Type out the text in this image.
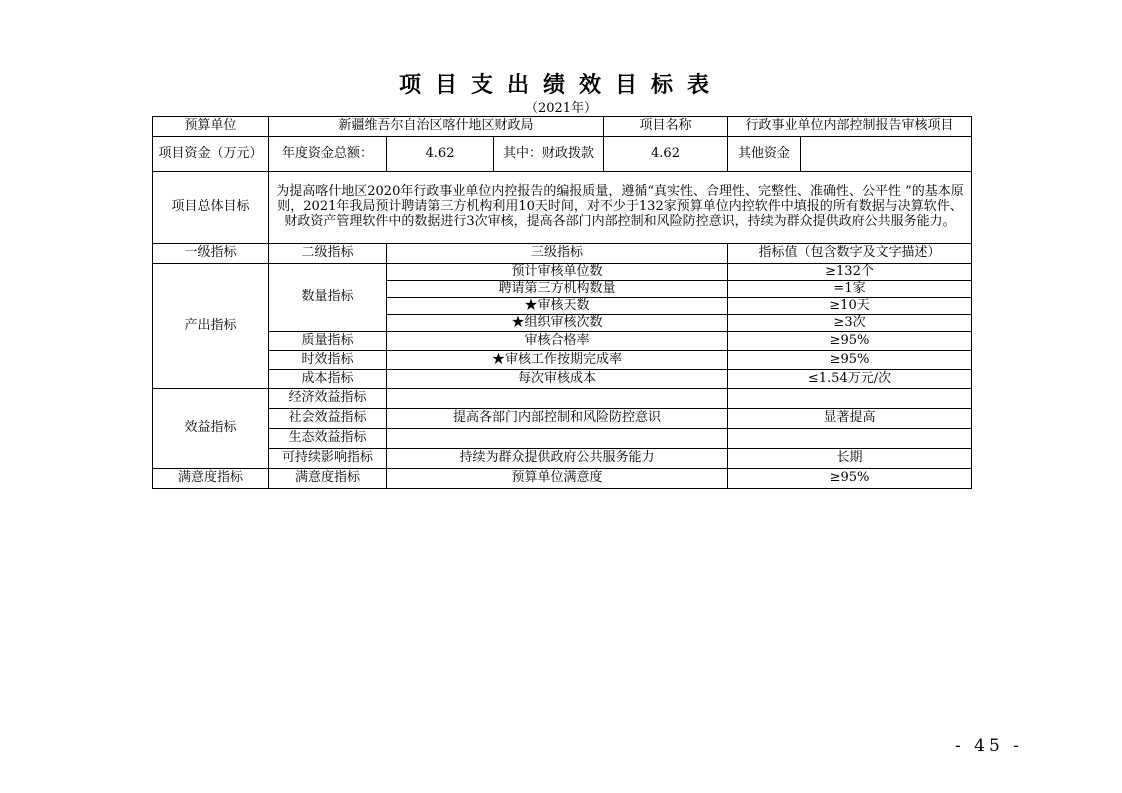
项目支出绩效目标表
（2021年）
预算单位	新疆维吾尔自治区喀什地区财政局			项目名称	行政事业单位内部控制报告审核项目	
项目资金（万元）	年度资金总额：	4.62	其中：财政拨款	4.62	其他资金	
项目总体目标	为提高喀什地区2020年行政事业单位内控报告的编报质量，遵循“真实性、合理性、完整性、准确性、公平性 ”的基本原则，2021年我局预计聘请第三方机构利用10天时间，对不少于132家预算单位内控软件中填报的所有数据与决算软件、财政资产管理软件中的数据进行3次审核，提高各部门内部控制和风险防控意识，持续为群众提供政府公共服务能力。					
一级指标	二级指标	三级指标			指标值（包含数字及文字描述）	
产出指标	数量指标	预计审核单位数			≥132个	
		聘请第三方机构数量			=1家	
		★审核天数			≥10天	
		★组织审核次数			≥3次	
	质量指标	审核合格率			≥95%	
	时效指标	★审核工作按期完成率			≥95%	
	成本指标	每次审核成本			≤1.54万元/次	
效益指标	经济效益指标					
	社会效益指标	提高各部门内部控制和风险防控意识			显著提高	
	生态效益指标					
	可持续影响指标	持续为群众提供政府公共服务能力			长期	
满意度指标	满意度指标	预算单位满意度			≥95%	
- 45 -
